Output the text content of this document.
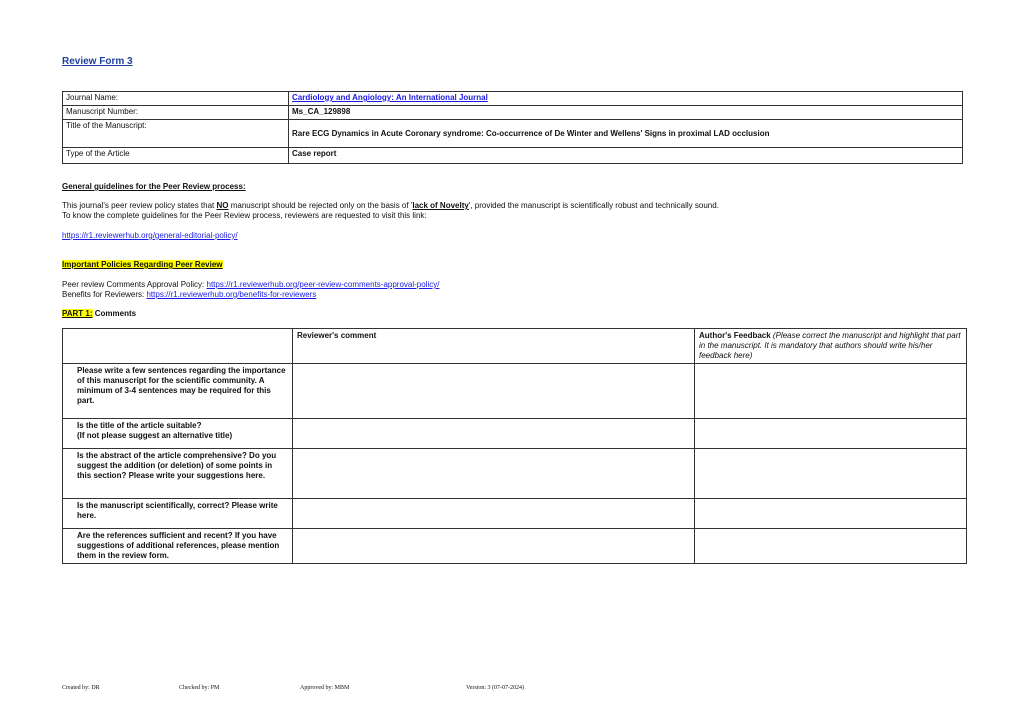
Review Form 3
Journal Name:	Cardiology and Angiology: An International Journal
Manuscript Number:	Ms_CA_129898
Title of the Manuscript:	Rare ECG Dynamics in Acute Coronary syndrome: Co-occurrence of De Winter and Wellens' Signs in proximal LAD occlusion
Type of the Article	Case report
General guidelines for the Peer Review process:
This journal's peer review policy states that NO manuscript should be rejected only on the basis of 'lack of Novelty', provided the manuscript is scientifically robust and technically sound.
To know the complete guidelines for the Peer Review process, reviewers are requested to visit this link:
https://r1.reviewerhub.org/general-editorial-policy/
Important Policies Regarding Peer Review
Peer review Comments Approval Policy: https://r1.reviewerhub.org/peer-review-comments-approval-policy/
Benefits for Reviewers: https://r1.reviewerhub.org/benefits-for-reviewers
PART 1: Comments
	Reviewer's comment	Author's Feedback (Please correct the manuscript and highlight that part in the manuscript. It is mandatory that authors should write his/her feedback here)
Please write a few sentences regarding the importance of this manuscript for the scientific community. A minimum of 3-4 sentences may be required for this part.		
Is the title of the article suitable?
(If not please suggest an alternative title)		
Is the abstract of the article comprehensive? Do you suggest the addition (or deletion) of some points in this section? Please write your suggestions here.		
Is the manuscript scientifically, correct? Please write here.		
Are the references sufficient and recent? If you have suggestions of additional references, please mention them in the review form.		
Created by: DR	Checked by: PM	Approved by: MBM	Version: 3 (07-07-2024)
